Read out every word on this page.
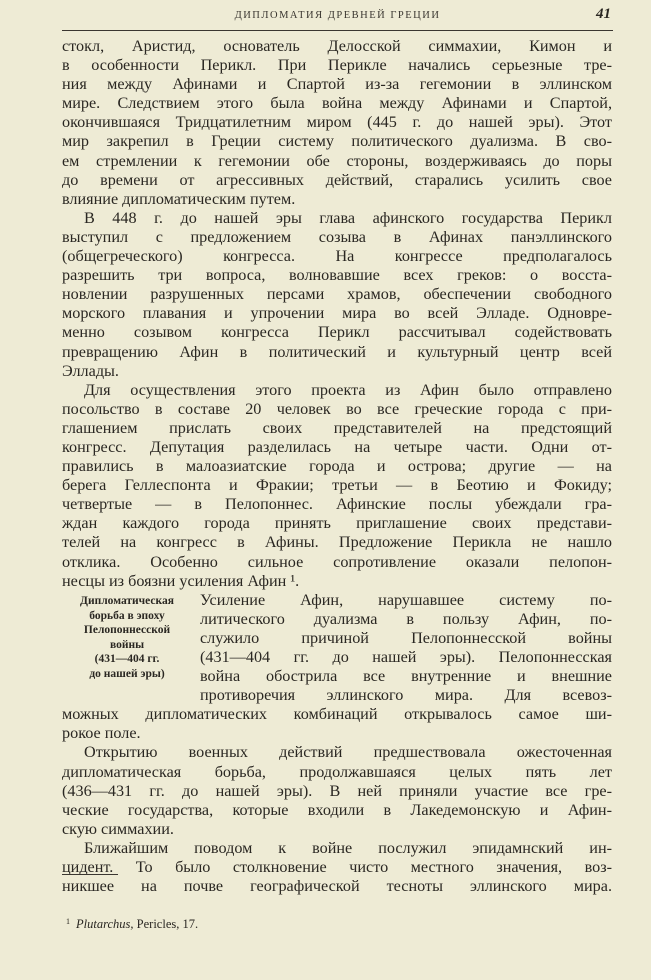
ДИПЛОМАТИЯ ДРЕВНЕЙ ГРЕЦИИ	41
стокл, Аристид, основатель Делосской симмахии, Кимон и
в особенности Перикл. При Перикле начались серьезные тре-
ния между Афинами и Спартой из-за гегемонии в эллинском
мире. Следствием этого была война между Афинами и Спартой,
окончившаяся Тридцатилетним миром (445 г. до нашей эры). Этот
мир закрепил в Греции систему политического дуализма. В сво-
ем стремлении к гегемонии обе стороны, воздерживаясь до поры
до времени от агрессивных действий, старались усилить свое
влияние дипломатическим путем.
В 448 г. до нашей эры глава афинского государства Перикл
выступил с предложением созыва в Афинах панэллинского
(общегреческого) конгресса. На конгрессе предполагалось
разрешить три вопроса, волновавшие всех греков: о восста-
новлении разрушенных персами храмов, обеспечении свободного
морского плавания и упрочении мира во всей Элладе. Одновре-
менно созывом конгресса Перикл рассчитывал содействовать
превращению Афин в политический и культурный центр всей
Эллады.
Для осуществления этого проекта из Афин было отправлено
посольство в составе 20 человек во все греческие города с при-
глашением прислать своих представителей на предстоящий
конгресс. Депутация разделилась на четыре части. Одни от-
правились в малоазиатские города и острова; другие — на
берега Геллеспонта и Фракии; третьи — в Беотию и Фокиду;
четвертые — в Пелопоннес. Афинские послы убеждали гра-
ждан каждого города принять приглашение своих представи-
телей на конгресс в Афины. Предложение Перикла не нашло
отклика. Особенно сильное сопротивление оказали пелопон-
несцы из боязни усиления Афин ¹.
Усиление Афин, нарушавшее систему по-
литического дуализма в пользу Афин, по-
служило причиной Пелопоннесской войны
(431—404 гг. до нашей эры). Пелопоннесская
война обострила все внутренние и внешние
противоречия эллинского мира. Для всевоз-
можных дипломатических комбинаций открывалось самое ши-
рокое поле.
Открытию военных действий предшествовала ожесточенная
дипломатическая борьба, продолжавшаяся целых пять лет
(436—431 гг. до нашей эры). В ней приняли участие все гре-
ческие государства, которые входили в Лакедемонскую и Афин-
скую симмахии.
Ближайшим поводом к войне послужил эпидамнский ин-
цидент. То было столкновение чисто местного значения, воз-
никшее на почве географической тесноты эллинского мира.
Дипломатическая
борьба в эпоху
Пелопоннесской
войны
(431—404 гг.
до нашей эры)
$^1$ Plutarchus, Pericles, 17.
